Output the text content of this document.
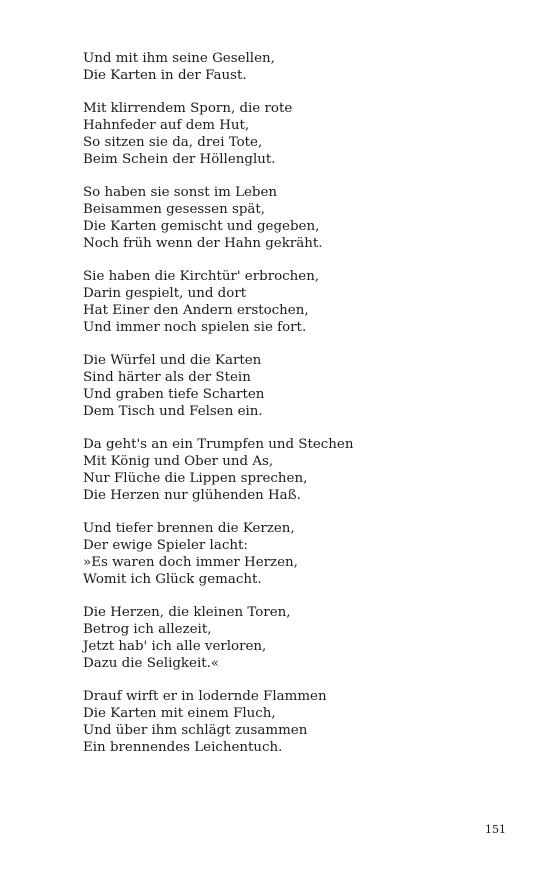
Und mit ihm seine Gesellen,
Die Karten in der Faust.
Mit klirrendem Sporn, die rote
Hahnfeder auf dem Hut,
So sitzen sie da, drei Tote,
Beim Schein der Höllenglut.
So haben sie sonst im Leben
Beisammen gesessen spät,
Die Karten gemischt und gegeben,
Noch früh wenn der Hahn gekräht.
Sie haben die Kirchtür' erbrochen,
Darin gespielt, und dort
Hat Einer den Andern erstochen,
Und immer noch spielen sie fort.
Die Würfel und die Karten
Sind härter als der Stein
Und graben tiefe Scharten
Dem Tisch und Felsen ein.
Da geht's an ein Trumpfen und Stechen
Mit König und Ober und As,
Nur Flüche die Lippen sprechen,
Die Herzen nur glühenden Haß.
Und tiefer brennen die Kerzen,
Der ewige Spieler lacht:
»Es waren doch immer Herzen,
Womit ich Glück gemacht.
Die Herzen, die kleinen Toren,
Betrog ich allezeit,
Jetzt hab' ich alle verloren,
Dazu die Seligkeit.«
Drauf wirft er in lodernde Flammen
Die Karten mit einem Fluch,
Und über ihm schlägt zusammen
Ein brennendes Leichentuch.
151
